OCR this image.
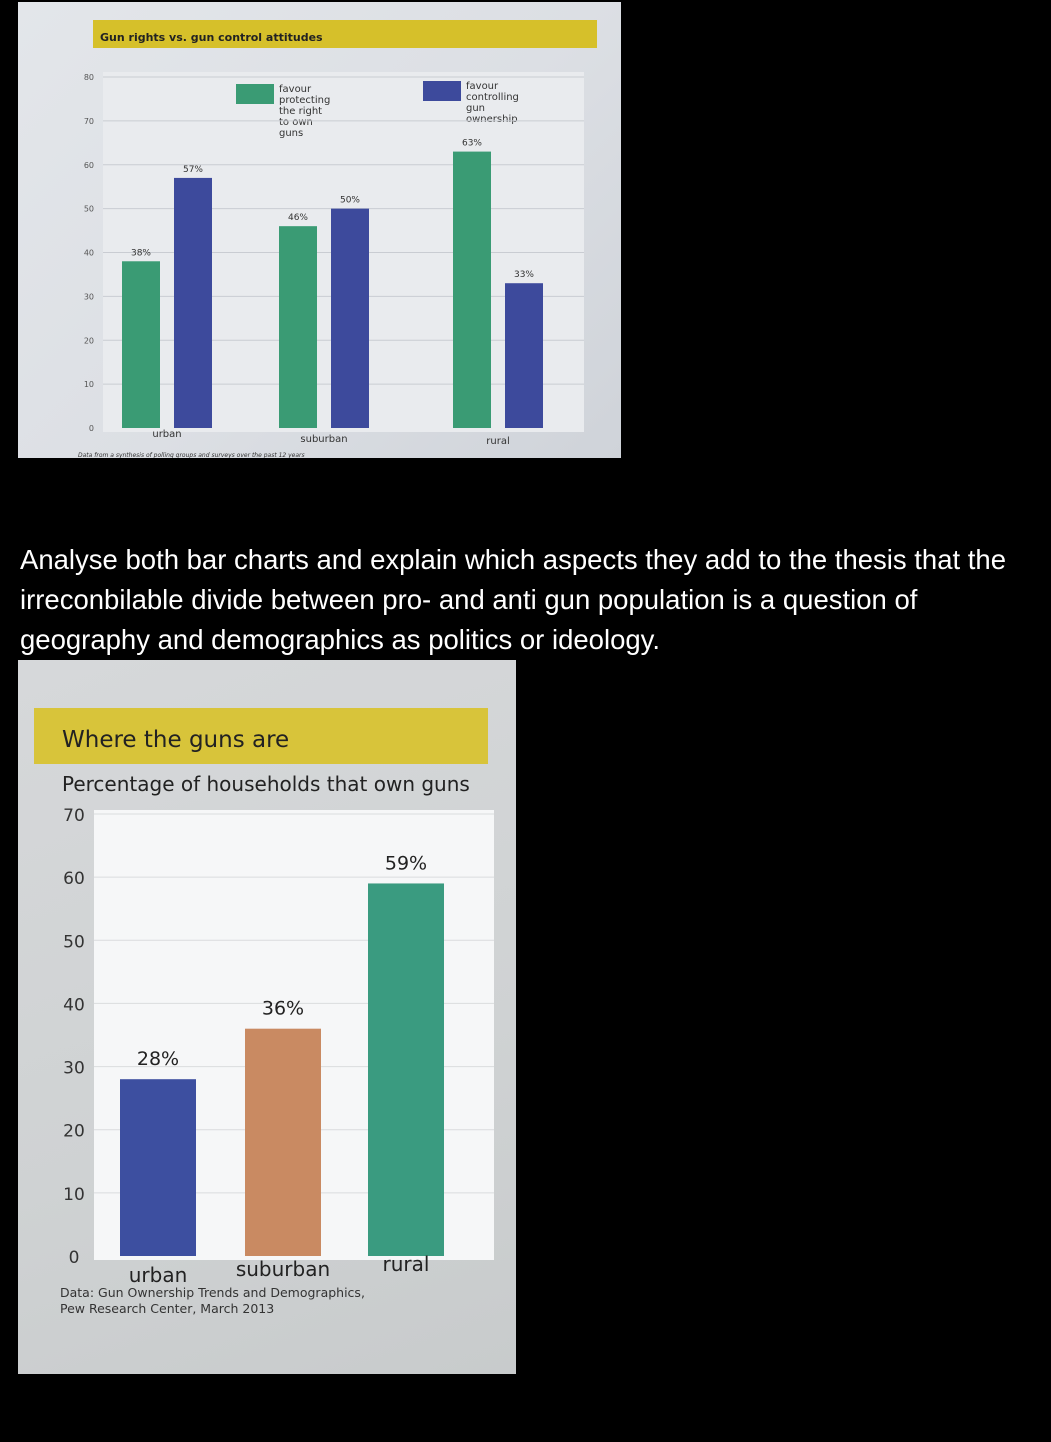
Gun rights vs. gun control attitudes
favour protecting
the right to own guns
favour controlling
gun ownership
0
10
20
30
40
50
60
70
80
38%
57%
urban
46%
50%
suburban
63%
33%
rural
Data from a synthesis of polling groups and surveys over the past 12 years

Analyse both bar charts and explain which aspects they add to the thesis that the irreconbilable divide between pro- and anti gun population is a question of geography and demographics as politics or ideology.

Where the guns are
Percentage of households that own guns
0
10
20
30
40
50
60
70
28%
urban
36%
suburban
59%
rural
Data: Gun Ownership Trends and Demographics,
Pew Research Center, March 2013
